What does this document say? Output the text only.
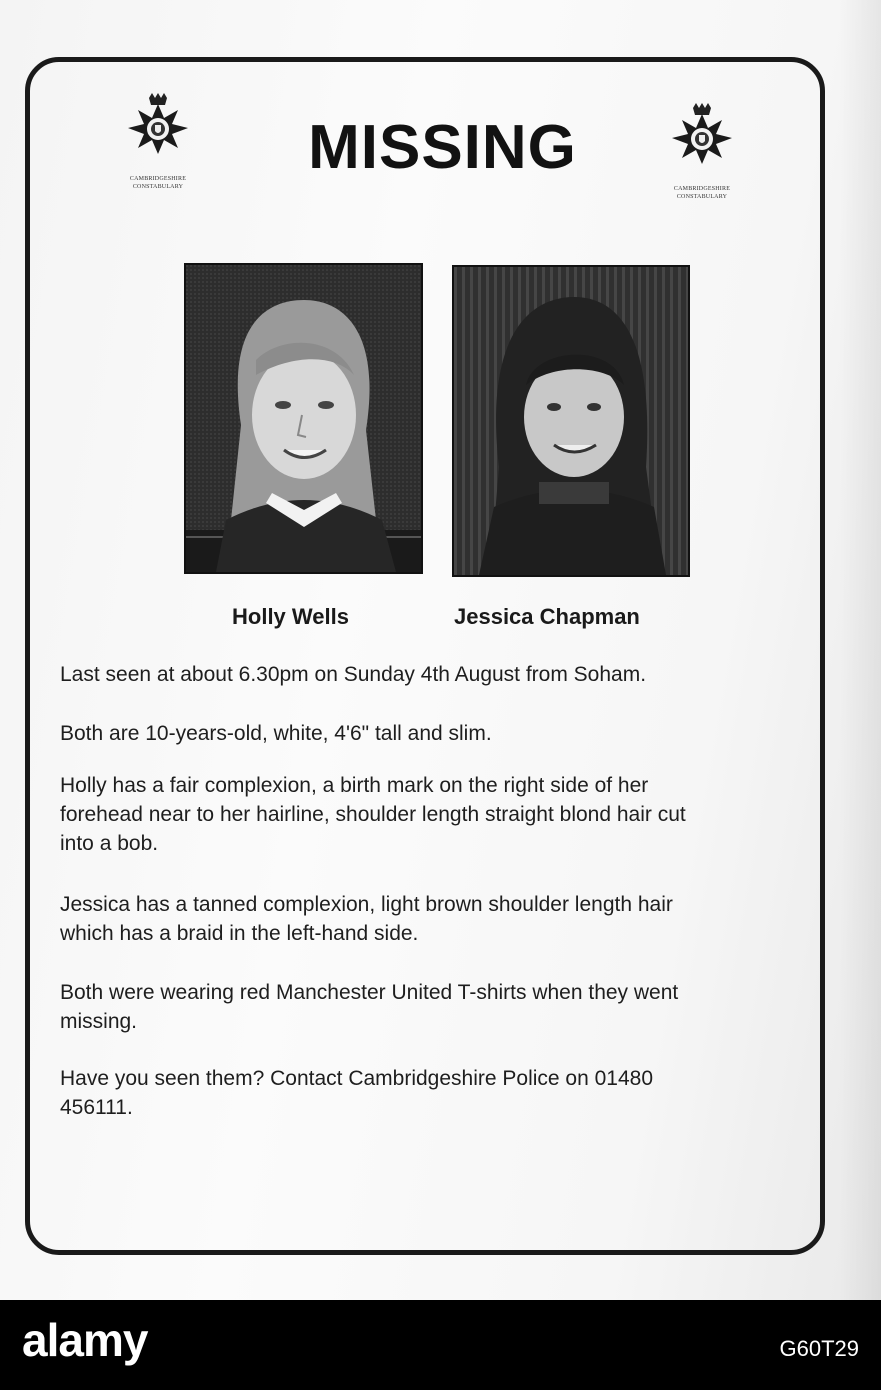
CAMBRIDGESHIRE
CONSTABULARY	CAMBRIDGESHIRE
CONSTABULARY
MISSING
Holly Wells	Jessica Chapman

Last seen at about 6.30pm on Sunday 4th August from Soham.

Both are 10-years-old, white, 4'6" tall and slim.

Holly has a fair complexion, a birth mark on the right side of her
forehead near to her hairline, shoulder length straight blond hair cut
into a bob.

Jessica has a tanned complexion, light brown shoulder length hair
which has a braid in the left-hand side.

Both were wearing red Manchester United T-shirts when they went
missing.

Have you seen them? Contact Cambridgeshire Police on 01480
456111.

alamy	G60T29
